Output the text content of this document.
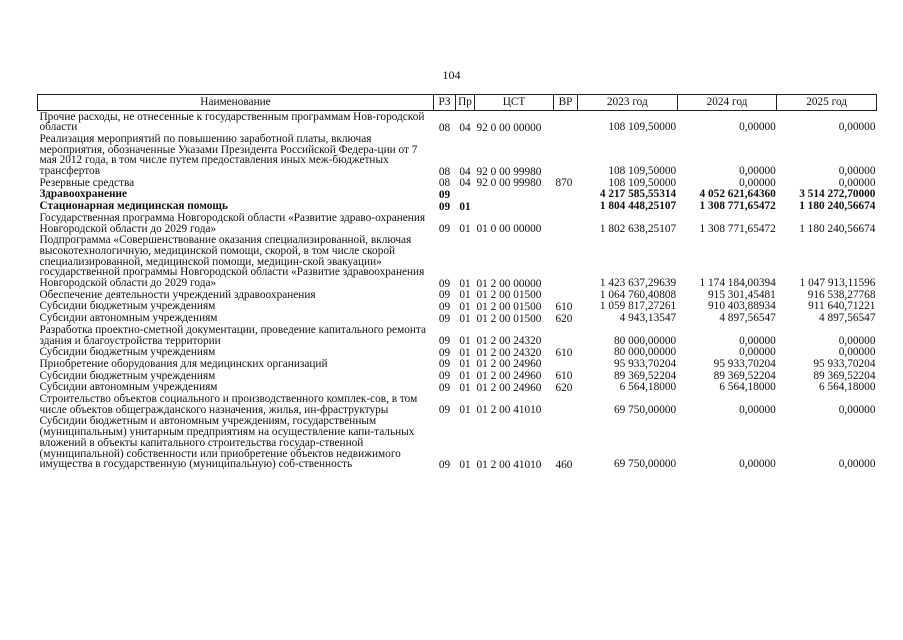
104
Наименование	РЗ	Пр	ЦСТ	ВР	2023 год	2024 год	2025 год
Прочие расходы, не отнесенные к государственным программам Нов-городской области	08	04	92 0 00 00000		108 109,50000	0,00000	0,00000
Реализация мероприятий по повышению заработной платы, включая мероприятия, обозначенные Указами Президента Российской Федера-ции от 7 мая 2012 года, в том числе путем предоставления иных меж-бюджетных трансфертов	08	04	92 0 00 99980		108 109,50000	0,00000	0,00000
Резервные средства	08	04	92 0 00 99980	870	108 109,50000	0,00000	0,00000
Здравоохранение	09				4 217 585,55314	4 052 621,64360	3 514 272,70000
Стационарная медицинская помощь	09	01			1 804 448,25107	1 308 771,65472	1 180 240,56674
Государственная программа Новгородской области «Развитие здраво-охранения Новгородской области до 2029 года»	09	01	01 0 00 00000		1 802 638,25107	1 308 771,65472	1 180 240,56674
Подпрограмма «Совершенствование оказания специализированной, включая высокотехнологичную, медицинской помощи, скорой, в том числе скорой специализированной, медицинской помощи, медицин-ской эвакуации» государственной программы Новгородской области «Развитие здравоохранения Новгородской области до 2029 года»	09	01	01 2 00 00000		1 423 637,29639	1 174 184,00394	1 047 913,11596
Обеспечение деятельности учреждений здравоохранения	09	01	01 2 00 01500		1 064 760,40808	915 301,45481	916 538,27768
Субсидии бюджетным учреждениям	09	01	01 2 00 01500	610	1 059 817,27261	910 403,88934	911 640,71221
Субсидии автономным учреждениям	09	01	01 2 00 01500	620	4 943,13547	4 897,56547	4 897,56547
Разработка проектно-сметной документации, проведение капитального ремонта здания и благоустройства территории	09	01	01 2 00 24320		80 000,00000	0,00000	0,00000
Субсидии бюджетным учреждениям	09	01	01 2 00 24320	610	80 000,00000	0,00000	0,00000
Приобретение оборудования для медицинских организаций	09	01	01 2 00 24960		95 933,70204	95 933,70204	95 933,70204
Субсидии бюджетным учреждениям	09	01	01 2 00 24960	610	89 369,52204	89 369,52204	89 369,52204
Субсидии автономным учреждениям	09	01	01 2 00 24960	620	6 564,18000	6 564,18000	6 564,18000
Строительство объектов социального и производственного комплек-сов, в том числе объектов общегражданского назначения, жилья, ин-фраструктуры	09	01	01 2 00 41010		69 750,00000	0,00000	0,00000
Субсидии бюджетным и автономным учреждениям, государственным (муниципальным) унитарным предприятиям на осуществление капи-тальных вложений в объекты капитального строительства государ-ственной (муниципальной) собственности или приобретение объектов недвижимого имущества в государственную (муниципальную) соб-ственность	09	01	01 2 00 41010	460	69 750,00000	0,00000	0,00000
